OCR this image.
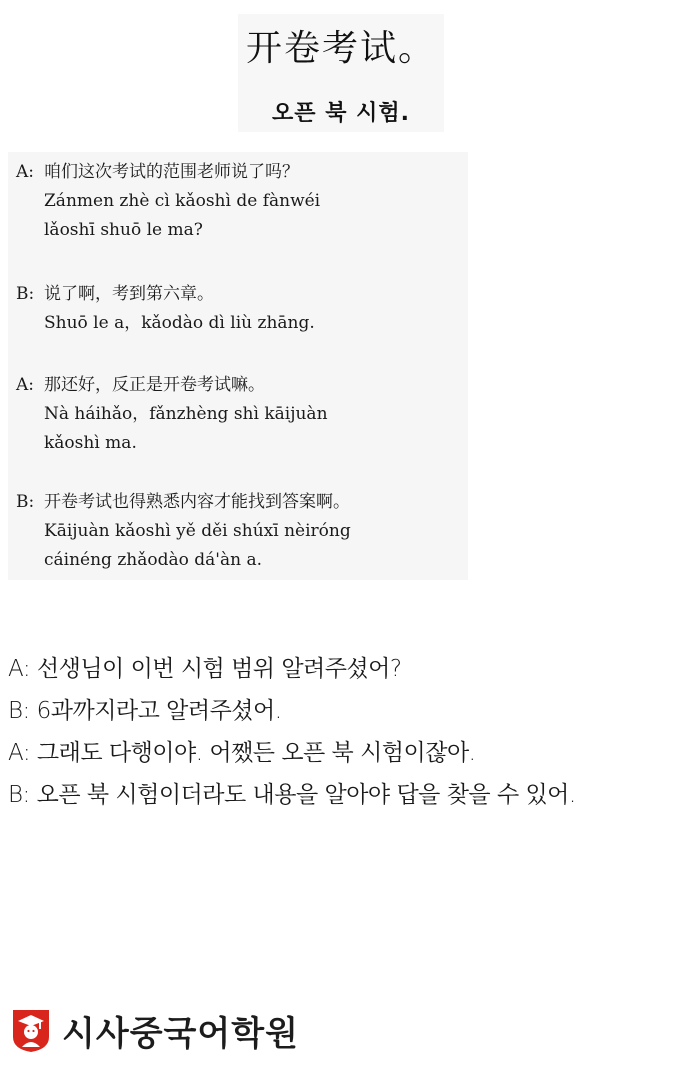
开卷考试。
오픈 북 시험.
A: 咱们这次考试的范围老师说了吗？
Zánmen zhè cì kǎoshì de fànwéi
lǎoshī shuō le ma?
B: 说了啊，考到第六章。
Shuō le a，kǎodào dì liù zhāng.
A: 那还好，反正是开卷考试嘛。
Nà háihǎo，fǎnzhèng shì kāijuàn
kǎoshì ma.
B: 开卷考试也得熟悉内容才能找到答案啊。
Kāijuàn kǎoshì yě děi shúxī nèiróng
cáinéng zhǎodào dá'àn a.
A: 선생님이 이번 시험 범위 알려주셨어?
B: 6과까지라고 알려주셨어.
A: 그래도 다행이야. 어쨌든 오픈 북 시험이잖아.
B: 오픈 북 시험이더라도 내용을 알아야 답을 찾을 수 있어.
시사중국어학원
